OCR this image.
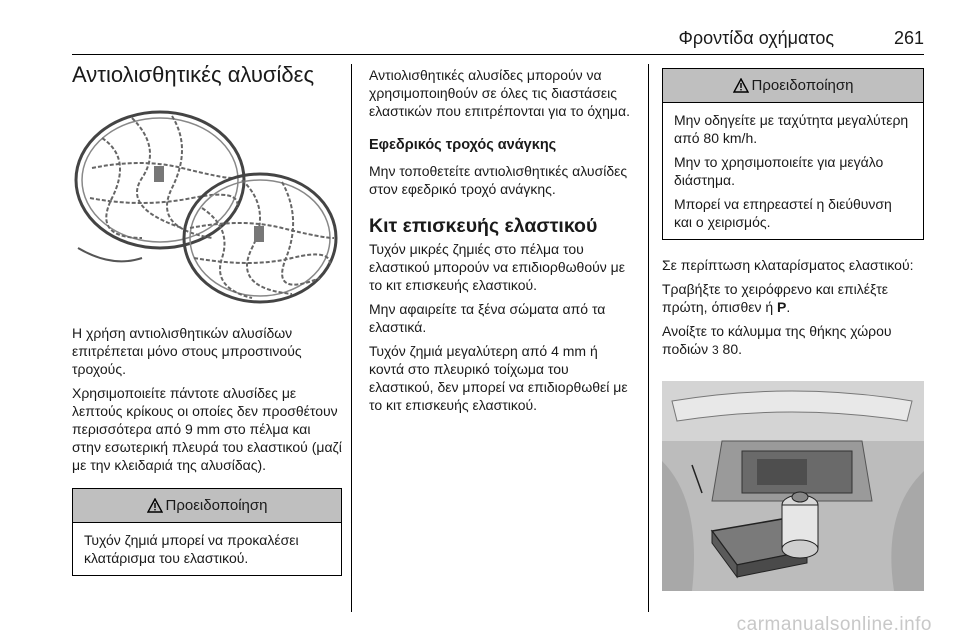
Φροντίδα οχήματος	261
Αντιολισθητικές αλυσίδες

Η χρήση αντιολισθητικών αλυσίδων επιτρέπεται μόνο στους μπροστινούς τροχούς.

Χρησιμοποιείτε πάντοτε αλυσίδες με λεπτούς κρίκους οι οποίες δεν προσθέτουν περισσότερα από 9 mm στο πέλμα και στην εσωτερική πλευρά του ελαστικού (μαζί με την κλειδαριά της αλυσίδας).

Προειδοποίηση

Τυχόν ζημιά μπορεί να προκαλέσει κλατάρισμα του ελαστικού.

Αντιολισθητικές αλυσίδες μπορούν να χρησιμοποιηθούν σε όλες τις διαστάσεις ελαστικών που επιτρέπονται για το όχημα.

Εφεδρικός τροχός ανάγκης

Μην τοποθετείτε αντιολισθητικές αλυσίδες στον εφεδρικό τροχό ανάγκης.

Κιτ επισκευής ελαστικού

Τυχόν μικρές ζημιές στο πέλμα του ελαστικού μπορούν να επιδιορθωθούν με το κιτ επισκευής ελαστικού.

Μην αφαιρείτε τα ξένα σώματα από τα ελαστικά.

Τυχόν ζημιά μεγαλύτερη από 4 mm ή κοντά στο πλευρικό τοίχωμα του ελαστικού, δεν μπορεί να επιδιορθωθεί με το κιτ επισκευής ελαστικού.

Προειδοποίηση

Μην οδηγείτε με ταχύτητα μεγαλύτερη από 80 km/h.

Μην το χρησιμοποιείτε για μεγάλο διάστημα.

Μπορεί να επηρεαστεί η διεύθυνση και ο χειρισμός.

Σε περίπτωση κλαταρίσματος ελαστικού:

Τραβήξτε το χειρόφρενο και επιλέξτε πρώτη, όπισθεν ή P.

Ανοίξτε το κάλυμμα της θήκης χώρου ποδιών 3 80.

carmanualsonline.info
